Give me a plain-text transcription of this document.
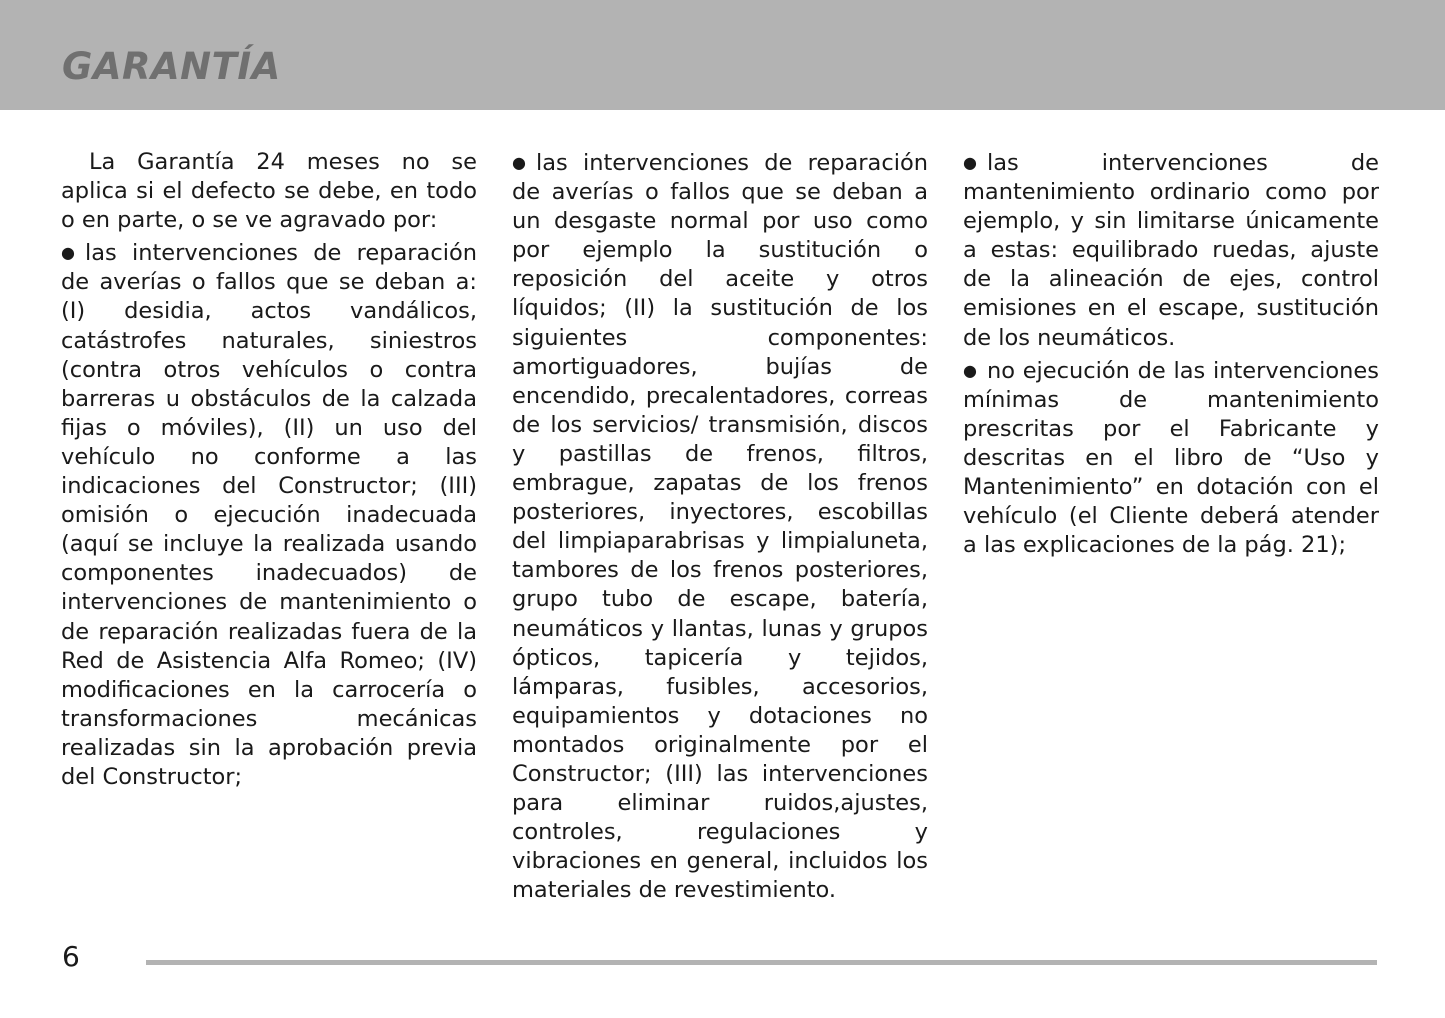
GARANTÍA

La Garantía 24 meses no se aplica si el defecto se debe, en todo o en parte, o se ve agravado por:

● las intervenciones de reparación de averías o fallos que se deban a: (I) desidia, actos vandálicos, catástrofes naturales, siniestros (contra otros vehículos o contra barreras u obstáculos de la calzada fijas o móviles), (II) un uso del vehículo no conforme a las indicaciones del Constructor; (III) omisión o ejecución inadecuada (aquí se incluye la realizada usando componentes inadecuados) de intervenciones de mantenimiento o de reparación realizadas fuera de la Red de Asistencia Alfa Romeo; (IV) modificaciones en la carrocería o transformaciones mecánicas realizadas sin la aprobación previa del Constructor;

● las intervenciones de reparación de averías o fallos que se deban a un desgaste normal por uso como por ejemplo la sustitución o reposición del aceite y otros líquidos; (II) la sustitución de los siguientes componentes: amortiguadores, bujías de encendido, precalentadores, correas de los servicios/ transmisión, discos y pastillas de frenos, filtros, embrague, zapatas de los frenos posteriores, inyectores, escobillas del limpiaparabrisas y limpialuneta, tambores de los frenos posteriores, grupo tubo de escape, batería, neumáticos y llantas, lunas y grupos ópticos, tapicería y tejidos, lámparas, fusibles, accesorios, equipamientos y dotaciones no montados originalmente por el Constructor; (III) las intervenciones para eliminar ruidos,ajustes, controles, regulaciones y vibraciones en general, incluidos los materiales de revestimiento.

● las intervenciones de mantenimiento ordinario como por ejemplo, y sin limitarse únicamente a estas: equilibrado ruedas, ajuste de la alineación de ejes, control emisiones en el escape, sustitución de los neumáticos.

● no ejecución de las intervenciones mínimas de mantenimiento prescritas por el Fabricante y descritas en el libro de “Uso y Mantenimiento” en dotación con el vehículo (el Cliente deberá atender a las explicaciones de la pág. 21);

6
